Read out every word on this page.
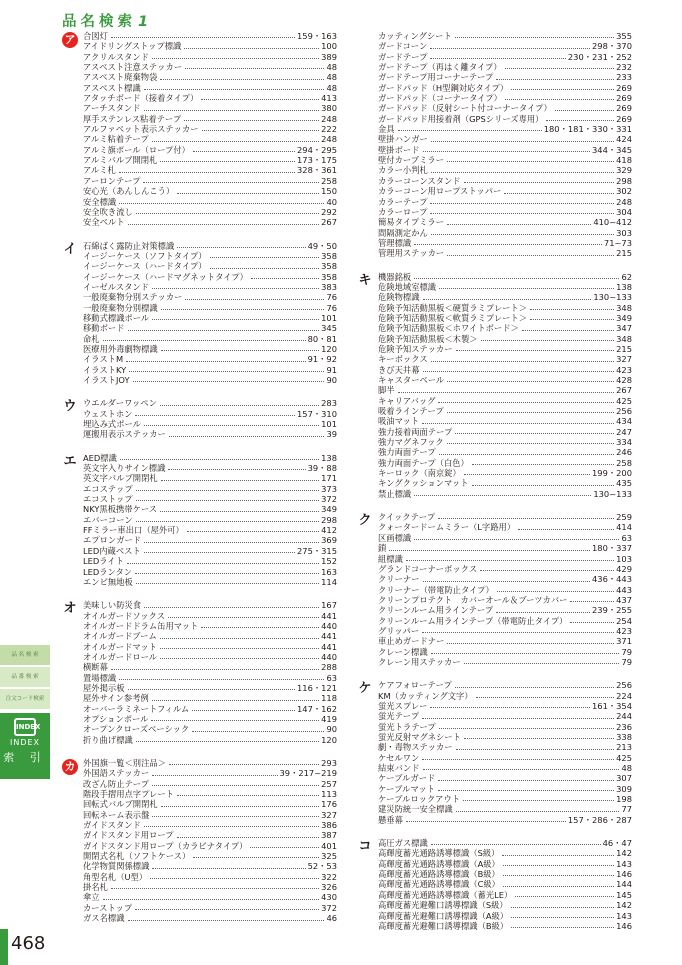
品名検索 1
ア 合図灯	159・163
アイドリングストップ標識	100
アクリルスタンド	389
アスベスト注意ステッカー	48
アスベスト廃棄物袋	48
アスベスト標識	48
アタッチボード（接着タイプ）	413
アーチスタンド	380
厚手ステンレス粘着テープ	248
アルファベット表示ステッカー	222
アルミ粘着テープ	248
アルミ旗ポール（ロープ付）	294・295
アルミバルブ開閉札	173・175
アルミ札	328・361
アーロンテープ	258
安心光（あんしんこう）	150
安全標識	40
安全吹き流し	292
安全ベルト	267
イ 石綿ばく露防止対策標識	49・50
イージーケース（ソフトタイプ）	358
イージーケース（ハードタイプ）	358
イージーケース（ハードマグネットタイプ）	358
イーゼルスタンド	383
一般廃棄物分別ステッカー	76
一般廃棄物分別標識	76
移動式標識ポール	101
移動ボード	345
命札	80・81
医療用外毒劇物標識	120
イラストM	91・92
イラストKY	91
イラストJOY	90
ウ ウエルダーワッペン	283
ウェストホン	157・310
埋込み式ポール	101
運搬用表示ステッカー	39
エ AED標識	138
英文字入りサイン標識	39・88
英文字バルブ開閉札	171
エコステップ	373
エコストップ	372
NKY黒板携帯ケース	349
エバーコーン	298
FFミラー車出口（屋外可）	412
エプロンガード	369
LED内蔵ベスト	275・315
LEDライト	152
LEDランタン	163
エンビ無地板	114
オ 美味しい防災食	167
オイルガードソックス	441
オイルガードドラム缶用マット	440
オイルガードブーム	441
オイルガードマット	441
オイルガードロール	440
横断幕	288
置場標識	63
屋外掲示板	116・121
屋外サイン参考例	118
オーバーラミネートフィルム	147・162
オプションポール	419
オープンクローズベーシック	90
折り曲げ標識	120
カ 外国旗一覧＜別注品＞	293
外国語ステッカー	39・217~219
改ざん防止テープ	257
階段手摺用点字プレート	113
回転式バルブ開閉札	176
回転ネーム表示盤	327
ガイドスタンド	386
ガイドスタンド用ロープ	387
ガイドスタンド用ロープ（カラビナタイプ）	401
開閉式名札（ソフトケース）	325
化学物質関係標識	52・53
角型名札（U型）	322
掛名札	326
傘立	430
カーストップ	372
ガス名標識	46
カッティングシート	355
ガードコーン	298・370
ガードテープ	230・231・252
ガードテープ（再はく離タイプ）	232
ガードテープ用コーナーテープ	233
ガードパッド（H型鋼対応タイプ）	269
ガードパッド（コーナータイプ）	269
ガードパッド（反射シート付コーナータイプ）	269
ガードパッド用接着剤（GPSシリーズ専用）	269
金具	180・181・330・331
壁掛ハンガー	424
壁掛ボード	344・345
壁付カーブミラー	418
カラー小判札	329
カラーコーンスタンド	298
カラーコーン用ロープストッパー	302
カラーテープ	248
カラーロープ	304
簡易タイプミラー	410~412
間隔測定かん	303
管理標識	71~73
管理用ステッカー	215
キ 機器銘板	62
危険地域室標識	138
危険物標識	130~133
危険予知活動黒板＜硬質ラミプレート＞	348
危険予知活動黒板＜軟質ラミプレート＞	349
危険予知活動黒板＜ホワイトボード＞	347
危険予知活動黒板＜木製＞	348
危険予知ステッカー	215
キーボックス	327
きび天井幕	423
キャスターベール	428
脚半	267
キャリアバッグ	425
吸着ラインテープ	256
吸油マット	434
強力接着両面テープ	247
強力マグネフック	334
強力両面テープ	246
強力両面テープ（白色）	258
キーロック（南京錠）	199・200
キングクッションマット	435
禁止標識	130~133
ク クイックテープ	259
クォータードームミラー（L字路用）	414
区画標識	63
鎖	180・337
組標識	103
グランドコーナーボックス	429
クリーナー	436・443
クリーナー（帯電防止タイプ）	443
クリーンプロテクト　カバーオール＆ブーツカバー	437
クリーンルーム用ラインテープ	239・255
クリーンルーム用ラインテープ（帯電防止タイプ）	254
グリッパー	423
車止めガードナー	371
クレーン標識	79
クレーン用ステッカー	79
ケ ケアフォローテープ	256
KM（カッティング文字）	224
蛍光スプレー	161・354
蛍光テープ	244
蛍光トラテープ	236
蛍光反射マグネシート	338
劇・毒物ステッカー	213
ケセルワン	425
結束バンド	48
ケーブルガード	307
ケーブルマット	309
ケーブルロックアウト	198
建災防統一安全標識	77
懸垂幕	157・286・287
コ 高圧ガス標識	46・47
高輝度蓄光通路誘導標識（S級）	142
高輝度蓄光通路誘導標識（A級）	143
高輝度蓄光通路誘導標識（B級）	146
高輝度蓄光通路誘導標識（C級）	144
高輝度蓄光通路誘導標識（蓄光LE）	145
高輝度蓄光避難口誘導標識（S級）	142
高輝度蓄光避難口誘導標識（A級）	143
高輝度蓄光避難口誘導標識（B級）	146
品 名 検 索
品 番 検 索
注文コード検索
INDEX
INDEX
索 引
468
